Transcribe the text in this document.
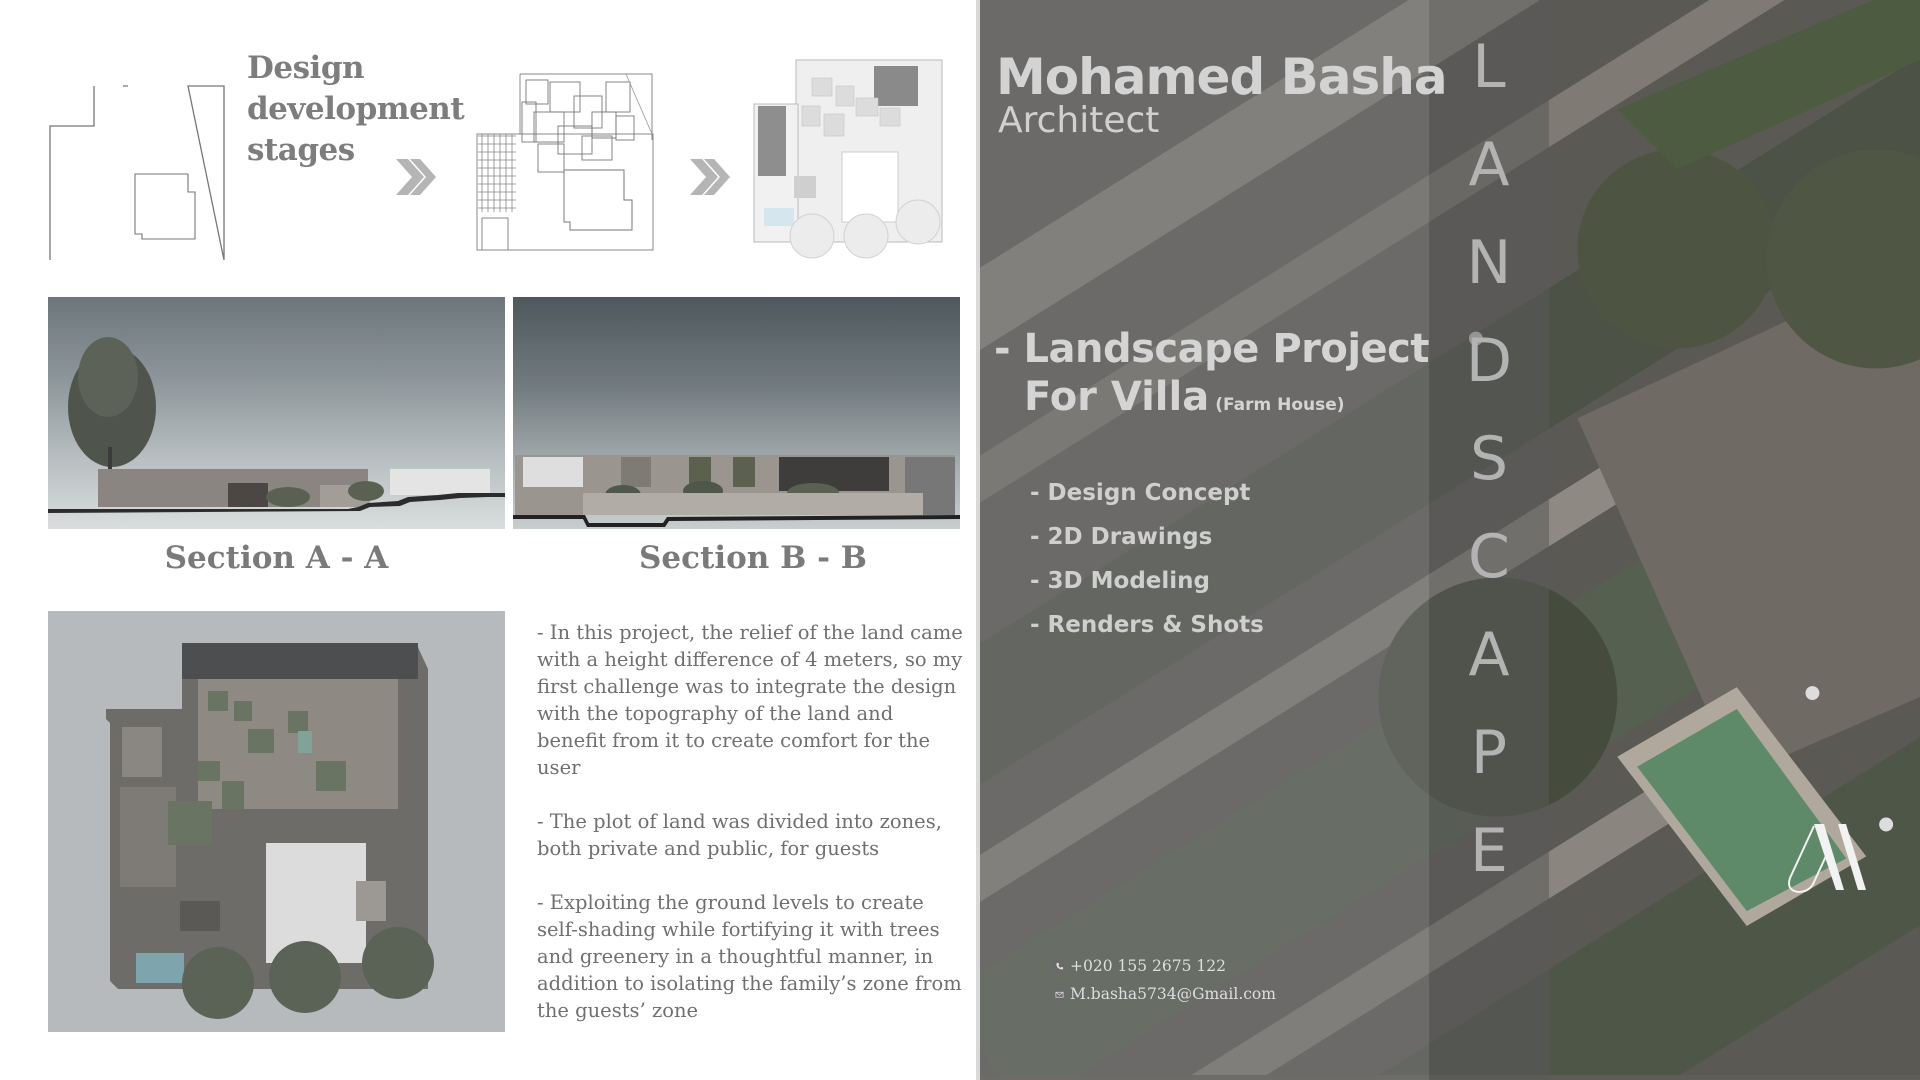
Design
development
stages
Section A - A	Section B - B

- In this project, the relief of the land came with a height difference of 4 meters, so my first challenge was to integrate the design with the topography of the land and benefit from it to create comfort for the user

- The plot of land was divided into zones, both private and public, for guests

- Exploiting the ground levels to create self-shading while fortifying it with trees and greenery in a thoughtful manner, in addition to isolating the family’s zone from the guests’ zone

Mohamed Basha
Architect
- Landscape Project
For Villa (Farm House)
- Design Concept
- 2D Drawings
- 3D Modeling
- Renders & Shots
+020 155 2675 122
M.basha5734@Gmail.com
L
A
N
D
S
C
A
P
E
